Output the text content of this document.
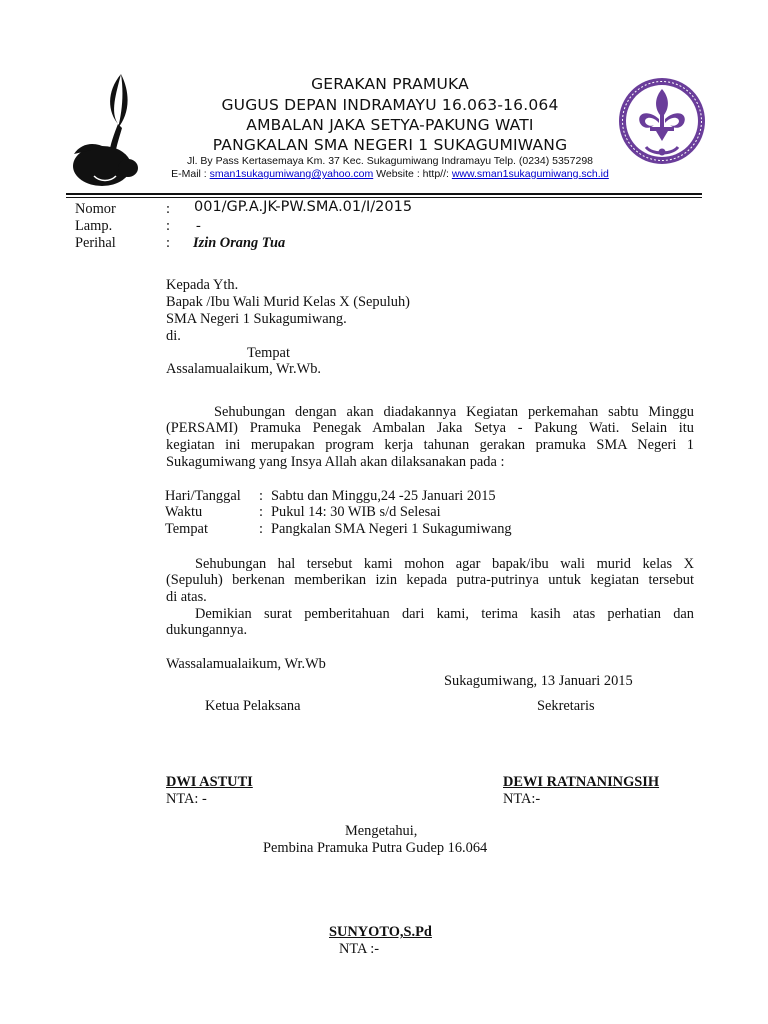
GERAKAN PRAMUKA
GUGUS DEPAN INDRAMAYU 16.063-16.064
AMBALAN JAKA SETYA-PAKUNG WATI
PANGKALAN SMA NEGERI 1 SUKAGUMIWANG
Jl. By Pass Kertasemaya Km. 37 Kec. Sukagumiwang Indramayu Telp. (0234) 5357298
E-Mail : sman1sukagumiwang@yahoo.com Website : http//: www.sman1sukagumiwang.sch.id
Nomor	: 001/GP.A.JK-PW.SMA.01/I/2015
Lamp.	: -
Perihal	: Izin Orang Tua
Kepada Yth.
Bapak /Ibu Wali Murid Kelas X (Sepuluh)
SMA Negeri 1 Sukagumiwang.
di.
Tempat
Assalamualaikum, Wr.Wb.
Sehubungan dengan akan diadakannya Kegiatan perkemahan sabtu Minggu
(PERSAMI) Pramuka Penegak Ambalan Jaka Setya - Pakung Wati. Selain itu
kegiatan ini merupakan program kerja tahunan gerakan pramuka SMA Negeri 1
Sukagumiwang yang Insya Allah akan dilaksanakan pada :
Hari/Tanggal : Sabtu dan Minggu,24 -25 Januari 2015
Waktu	: Pukul 14: 30 WIB s/d Selesai
Tempat	: Pangkalan SMA Negeri 1 Sukagumiwang
Sehubungan hal tersebut kami mohon agar bapak/ibu wali murid kelas X
(Sepuluh) berkenan memberikan izin kepada putra-putrinya untuk kegiatan tersebut
di atas.
Demikian surat pemberitahuan dari kami, terima kasih atas perhatian dan
dukungannya.
Wassalamualaikum, Wr.Wb
Sukagumiwang, 13 Januari 2015
Ketua Pelaksana	Sekretaris
DWI ASTUTI
NTA: -
DEWI RATNANINGSIH
NTA:-
Mengetahui,
Pembina Pramuka Putra Gudep 16.064
SUNYOTO,S.Pd
NTA :-
